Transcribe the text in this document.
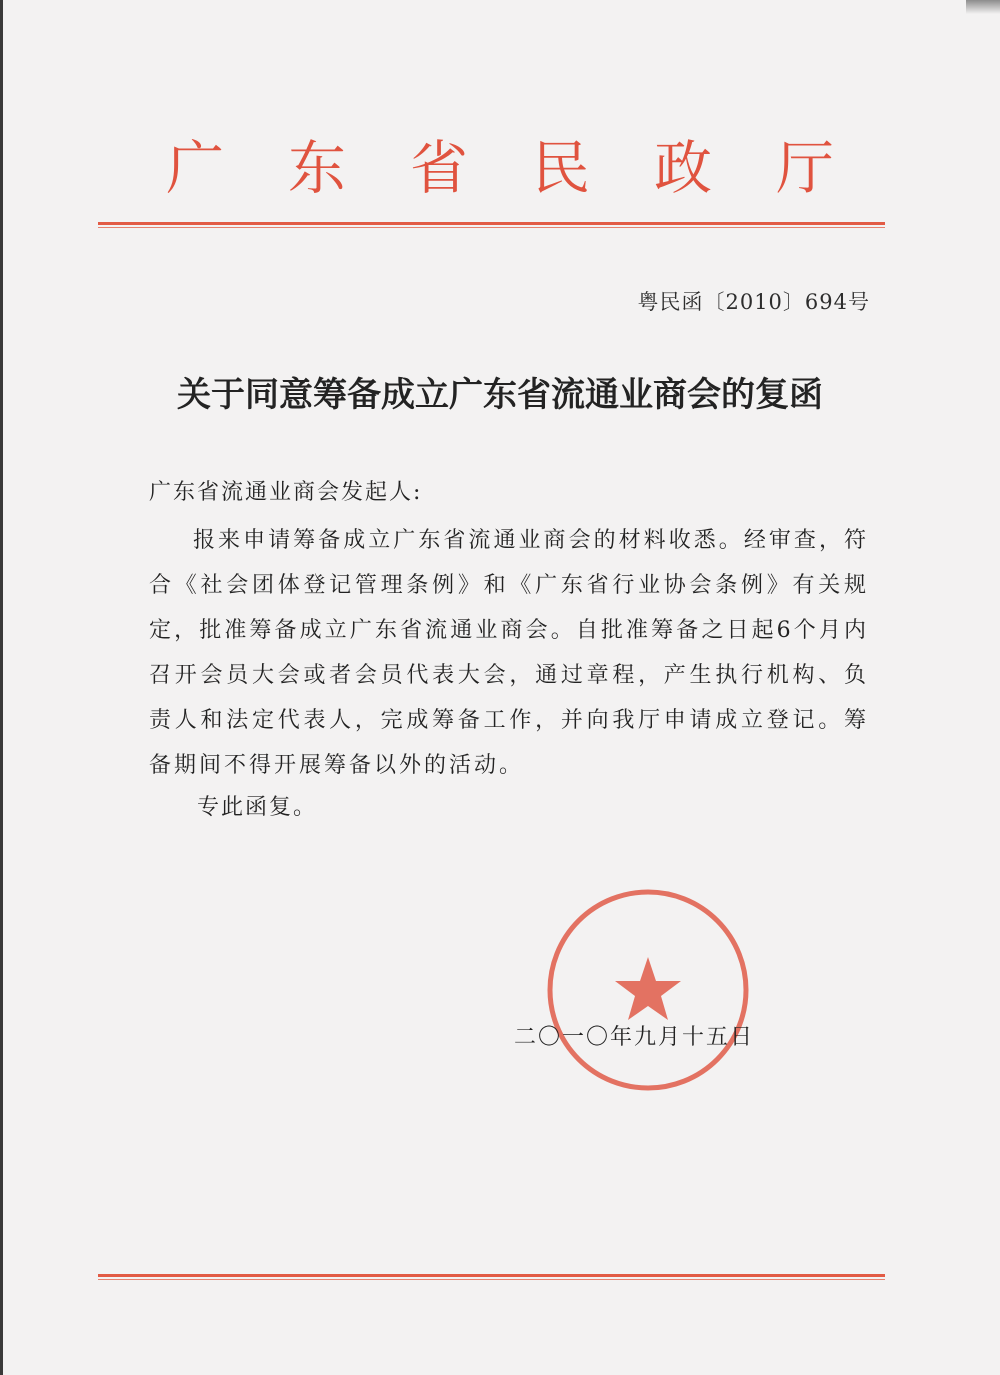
广 东 省 民 政 厅
粤民函〔2010〕694号
关于同意筹备成立广东省流通业商会的复函
广东省流通业商会发起人:

报来申请筹备成立广东省流通业商会的材料收悉。经审查，符合《社会团体登记管理条例》和《广东省行业协会条例》有关规定，批准筹备成立广东省流通业商会。自批准筹备之日起6个月内召开会员大会或者会员代表大会，通过章程，产生执行机构、负责人和法定代表人，完成筹备工作，并向我厅申请成立登记。筹备期间不得开展筹备以外的活动。

专此函复。
二〇一〇年九月十五日
